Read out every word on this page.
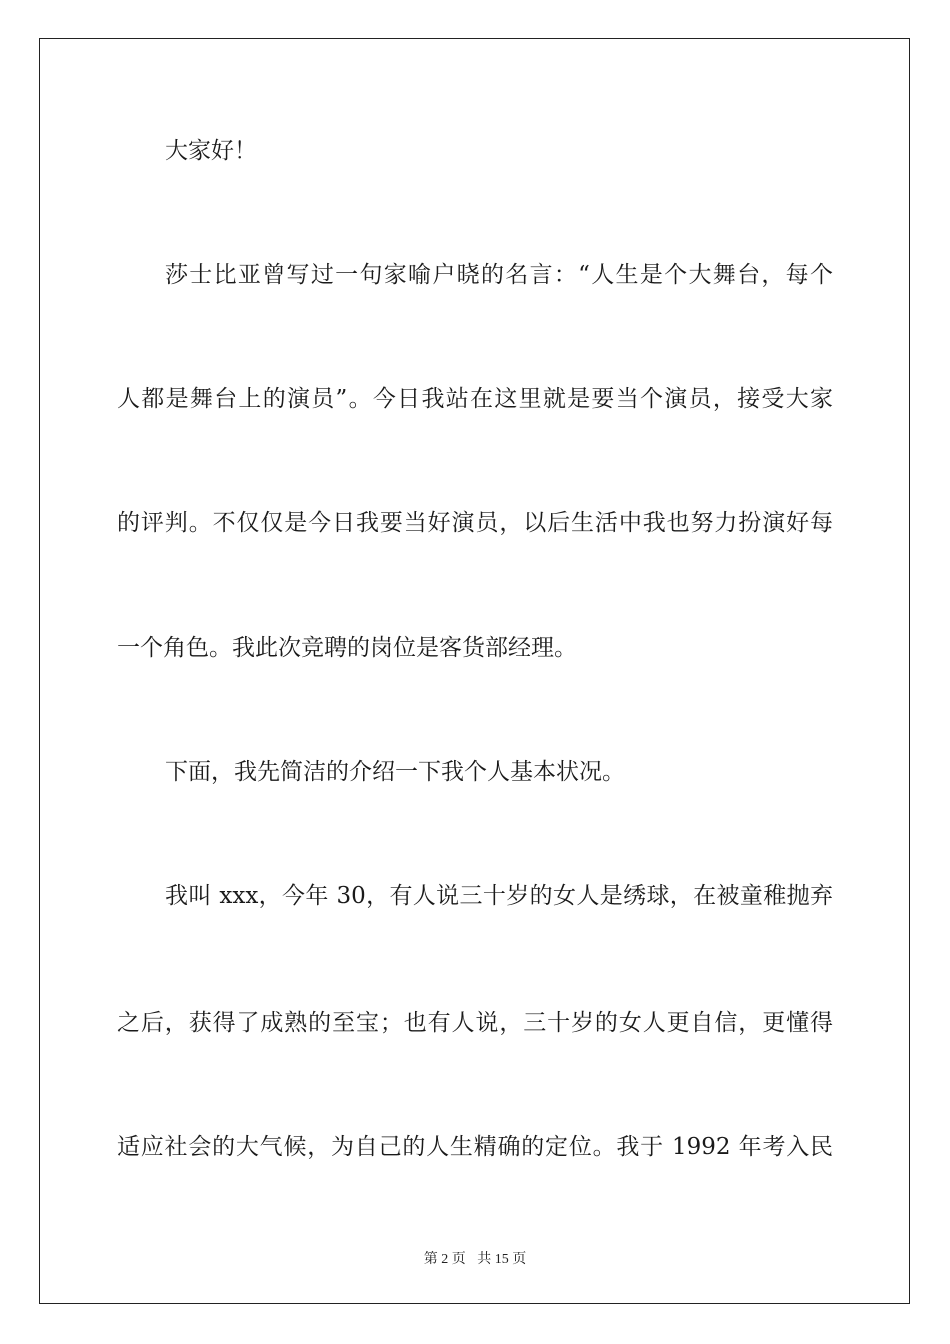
大家好！
莎士比亚曾写过一句家喻户晓的名言：“人生是个大舞台，每个
人都是舞台上的演员”。今日我站在这里就是要当个演员，接受大家
的评判。不仅仅是今日我要当好演员，以后生活中我也努力扮演好每
一个角色。我此次竞聘的岗位是客货部经理。
下面，我先简洁的介绍一下我个人基本状况。
我叫 xxx，今年 30，有人说三十岁的女人是绣球，在被童稚抛弃
之后，获得了成熟的至宝；也有人说，三十岁的女人更自信，更懂得
适应社会的大气候，为自己的人生精确的定位。我于 1992 年考入民
第 2 页 共 15 页
